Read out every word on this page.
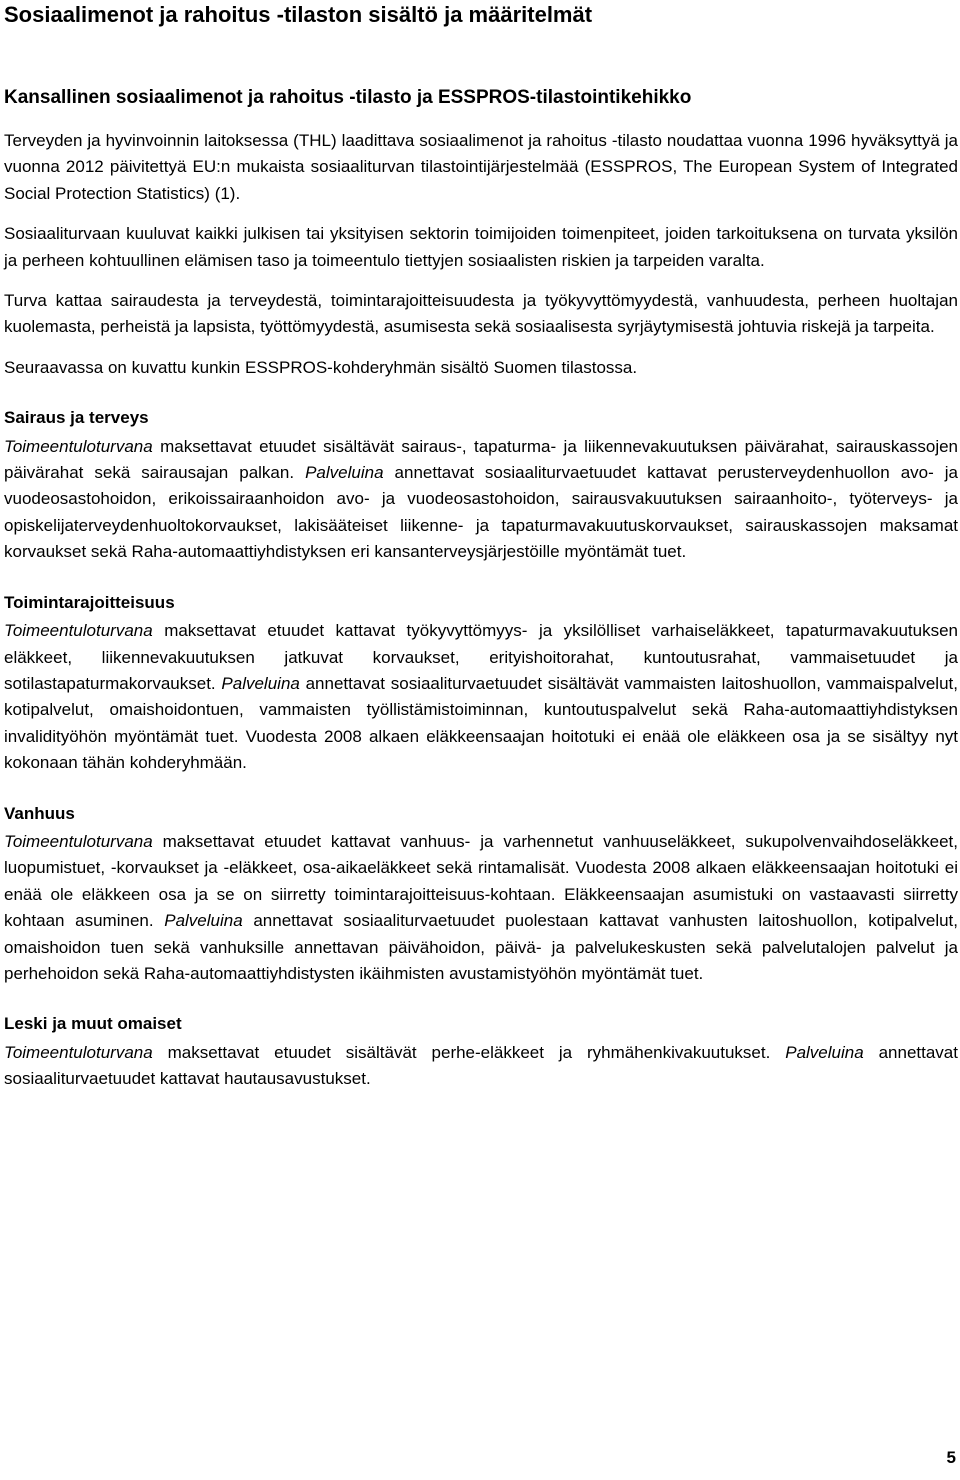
Sosiaalimenot ja rahoitus -tilaston sisältö ja määritelmät
Kansallinen sosiaalimenot ja rahoitus -tilasto ja ESSPROS-tilastointikehikko

Terveyden ja hyvinvoinnin laitoksessa (THL) laadittava sosiaalimenot ja rahoitus -tilasto noudattaa vuonna 1996 hyväksyttyä ja vuonna 2012 päivitettyä EU:n mukaista sosiaaliturvan tilastointijärjestelmää (ESSPROS, The European System of Integrated Social Protection Statistics) (1).

Sosiaaliturvaan kuuluvat kaikki julkisen tai yksityisen sektorin toimijoiden toimenpiteet, joiden tarkoituksena on turvata yksilön ja perheen kohtuullinen elämisen taso ja toimeentulo tiettyjen sosiaalisten riskien ja tarpeiden varalta.

Turva kattaa sairaudesta ja terveydestä, toimintarajoitteisuudesta ja työkyvyttömyydestä, vanhuudesta, perheen huoltajan kuolemasta, perheistä ja lapsista, työttömyydestä, asumisesta sekä sosiaalisesta syrjäytymisestä johtuvia riskejä ja tarpeita.

Seuraavassa on kuvattu kunkin ESSPROS-kohderyhmän sisältö Suomen tilastossa.

Sairaus ja terveys

Toimeentuloturvana maksettavat etuudet sisältävät sairaus-, tapaturma- ja liikennevakuutuksen päivärahat, sairauskassojen päivärahat sekä sairausajan palkan. Palveluina annettavat sosiaaliturvaetuudet kattavat perusterveydenhuollon avo- ja vuodeosastohoidon, erikoissairaanhoidon avo- ja vuodeosastohoidon, sairausvakuutuksen sairaanhoito-, työterveys- ja opiskelijaterveydenhuoltokorvaukset, lakisääteiset liikenne- ja tapaturmavakuutuskorvaukset, sairauskassojen maksamat korvaukset sekä Raha-automaattiyhdistyksen eri kansanterveysjärjestöille myöntämät tuet.

Toimintarajoitteisuus

Toimeentuloturvana maksettavat etuudet kattavat työkyvyttömyys- ja yksilölliset varhaiseläkkeet, tapaturmavakuutuksen eläkkeet, liikennevakuutuksen jatkuvat korvaukset, erityishoitorahat, kuntoutusrahat, vammaisetuudet ja sotilastapaturmakorvaukset. Palveluina annettavat sosiaaliturvaetuudet sisältävät vammaisten laitoshuollon, vammaispalvelut, kotipalvelut, omaishoidontuen, vammaisten työllistämistoiminnan, kuntoutuspalvelut sekä Raha-automaattiyhdistyksen invalidityöhön myöntämät tuet. Vuodesta 2008 alkaen eläkkeensaajan hoitotuki ei enää ole eläkkeen osa ja se sisältyy nyt kokonaan tähän kohderyhmään.

Vanhuus

Toimeentuloturvana maksettavat etuudet kattavat vanhuus- ja varhennetut vanhuuseläkkeet, sukupolvenvaihdoseläkkeet, luopumistuet, -korvaukset ja -eläkkeet, osa-aikaeläkkeet sekä rintamalisät. Vuodesta 2008 alkaen eläkkeensaajan hoitotuki ei enää ole eläkkeen osa ja se on siirretty toimintarajoitteisuus-kohtaan. Eläkkeensaajan asumistuki on vastaavasti siirretty kohtaan asuminen. Palveluina annettavat sosiaaliturvaetuudet puolestaan kattavat vanhusten laitoshuollon, kotipalvelut, omaishoidon tuen sekä vanhuksille annettavan päivähoidon, päivä- ja palvelukeskusten sekä palvelutalojen palvelut ja perhehoidon sekä Raha-automaattiyhdistysten ikäihmisten avustamistyöhön myöntämät tuet.

Leski ja muut omaiset

Toimeentuloturvana maksettavat etuudet sisältävät perhe-eläkkeet ja ryhmähenkivakuutukset. Palveluina annettavat sosiaaliturvaetuudet kattavat hautausavustukset.

5
